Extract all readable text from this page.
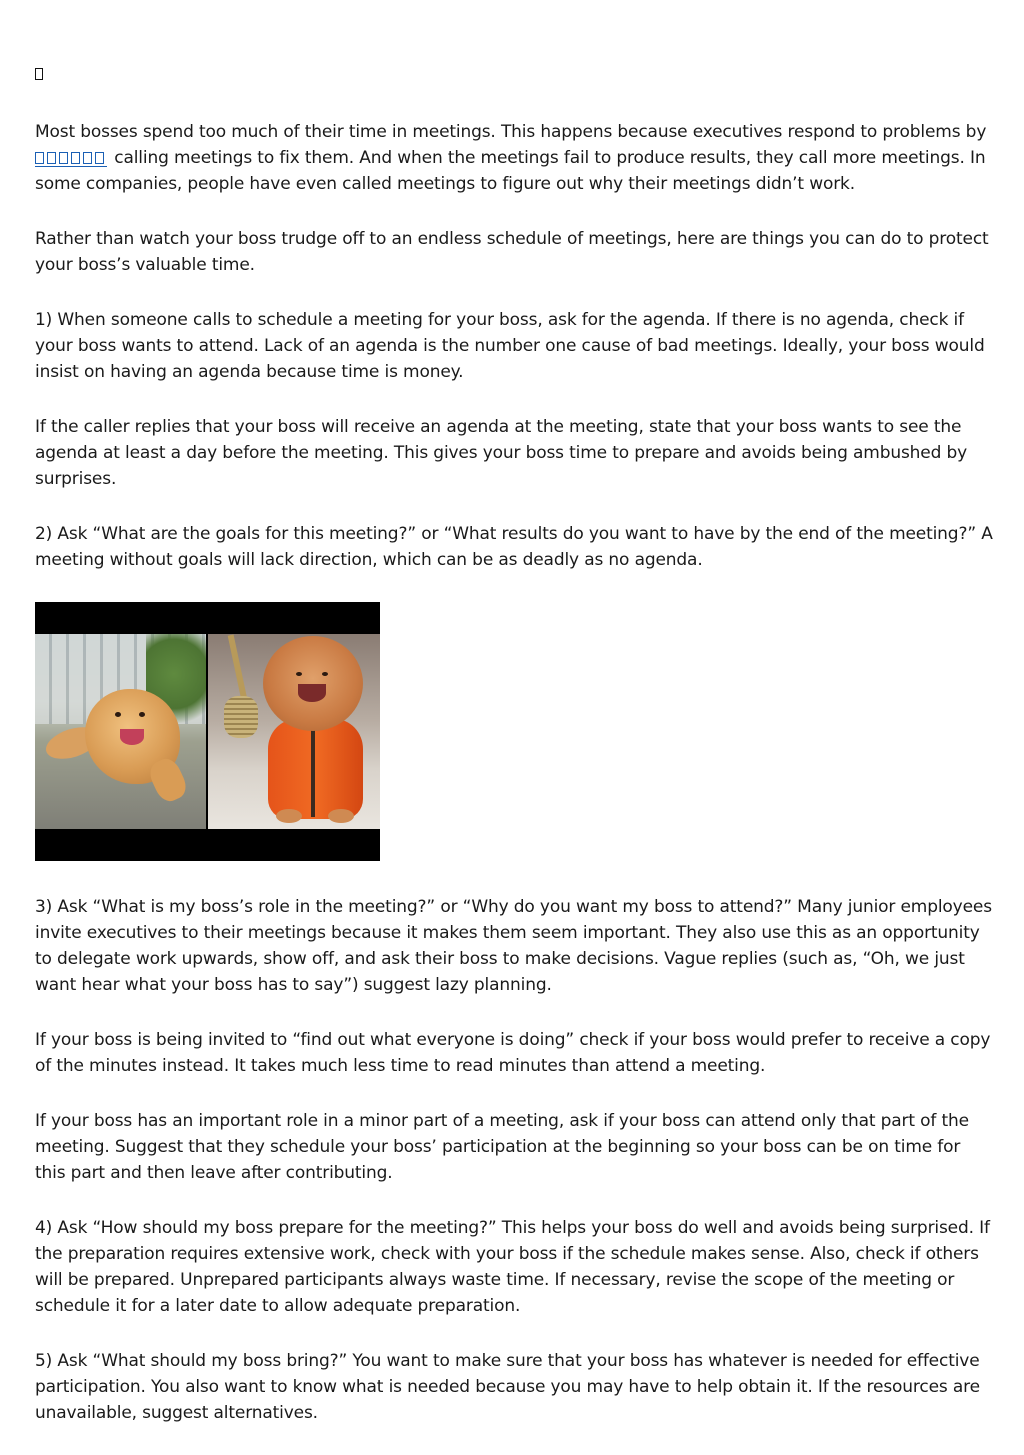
Most bosses spend too much of their time in meetings. This happens because executives respond to problems by  calling meetings to fix them. And when the meetings fail to produce results, they call more meetings. In some companies, people have even called meetings to figure out why their meetings didn’t work.

Rather than watch your boss trudge off to an endless schedule of meetings, here are things you can do to protect your boss’s valuable time.

1) When someone calls to schedule a meeting for your boss, ask for the agenda. If there is no agenda, check if your boss wants to attend. Lack of an agenda is the number one cause of bad meetings. Ideally, your boss would insist on having an agenda because time is money.

If the caller replies that your boss will receive an agenda at the meeting, state that your boss wants to see the agenda at least a day before the meeting. This gives your boss time to prepare and avoids being ambushed by surprises.

2) Ask “What are the goals for this meeting?” or “What results do you want to have by the end of the meeting?” A meeting without goals will lack direction, which can be as deadly as no agenda.

3) Ask “What is my boss’s role in the meeting?” or “Why do you want my boss to attend?” Many junior employees invite executives to their meetings because it makes them seem important. They also use this as an opportunity to delegate work upwards, show off, and ask their boss to make decisions. Vague replies (such as, “Oh, we just want hear what your boss has to say”) suggest lazy planning.

If your boss is being invited to “find out what everyone is doing” check if your boss would prefer to receive a copy of the minutes instead. It takes much less time to read minutes than attend a meeting.

If your boss has an important role in a minor part of a meeting, ask if your boss can attend only that part of the meeting. Suggest that they schedule your boss’ participation at the beginning so your boss can be on time for this part and then leave after contributing.

4) Ask “How should my boss prepare for the meeting?” This helps your boss do well and avoids being surprised. If the preparation requires extensive work, check with your boss if the schedule makes sense. Also, check if others will be prepared. Unprepared participants always waste time. If necessary, revise the scope of the meeting or schedule it for a later date to allow adequate preparation.

5) Ask “What should my boss bring?” You want to make sure that your boss has whatever is needed for effective participation. You also want to know what is needed because you may have to help obtain it. If the resources are unavailable, suggest alternatives.
